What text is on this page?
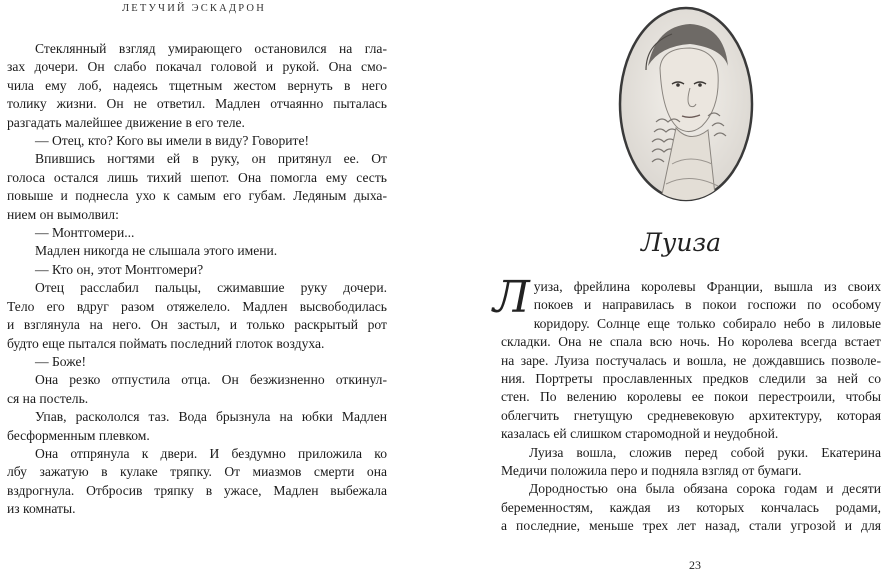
ЛЕТУЧИЙ ЭСКАДРОН

Стеклянный взгляд умирающего остановился на гла-

зах дочери. Он слабо покачал головой и рукой. Она смо-

чила ему лоб, надеясь тщетным жестом вернуть в него

толику жизни. Он не ответил. Мадлен отчаянно пыталась

разгадать малейшее движение в его теле.

— Отец, кто? Кого вы имели в виду? Говорите!

Впившись ногтями ей в руку, он притянул ее. От

голоса остался лишь тихий шепот. Она помогла ему сесть

повыше и поднесла ухо к самым его губам. Ледяным дыха-

нием он вымолвил:

— Монтгомери...

Мадлен никогда не слышала этого имени.

— Кто он, этот Монтгомери?

Отец расслабил пальцы, сжимавшие руку дочери.

Тело его вдруг разом отяжелело. Мадлен высвободилась

и взглянула на него. Он застыл, и только раскрытый рот

будто еще пытался поймать последний глоток воздуха.

— Боже!

Она резко отпустила отца. Он безжизненно откинул-

ся на постель.

Упав, раскололся таз. Вода брызнула на юбки Мадлен

бесформенным плевком.

Она отпрянула к двери. И бездумно приложила ко

лбу зажатую в кулаке тряпку. От миазмов смерти она

вздрогнула. Отбросив тряпку в ужасе, Мадлен выбежала

из комнаты.

Луиза
Л уиза, фрейлина королевы Франции, вышла из своих

покоев и направилась в покои госпожи по особому

коридору. Солнце еще только собирало небо в лиловые

складки. Она не спала всю ночь. Но королева всегда встает

на заре. Луиза постучалась и вошла, не дождавшись позволе-

ния. Портреты прославленных предков следили за ней со

стен. По велению королевы ее покои перестроили, чтобы

облегчить гнетущую средневековую архитектуру, которая

казалась ей слишком старомодной и неудобной.

Луиза вошла, сложив перед собой руки. Екатерина

Медичи положила перо и подняла взгляд от бумаги.

Дородностью она была обязана сорока годам и десяти

беременностям, каждая из которых кончалась родами,

а последние, меньше трех лет назад, стали угрозой и для

23
